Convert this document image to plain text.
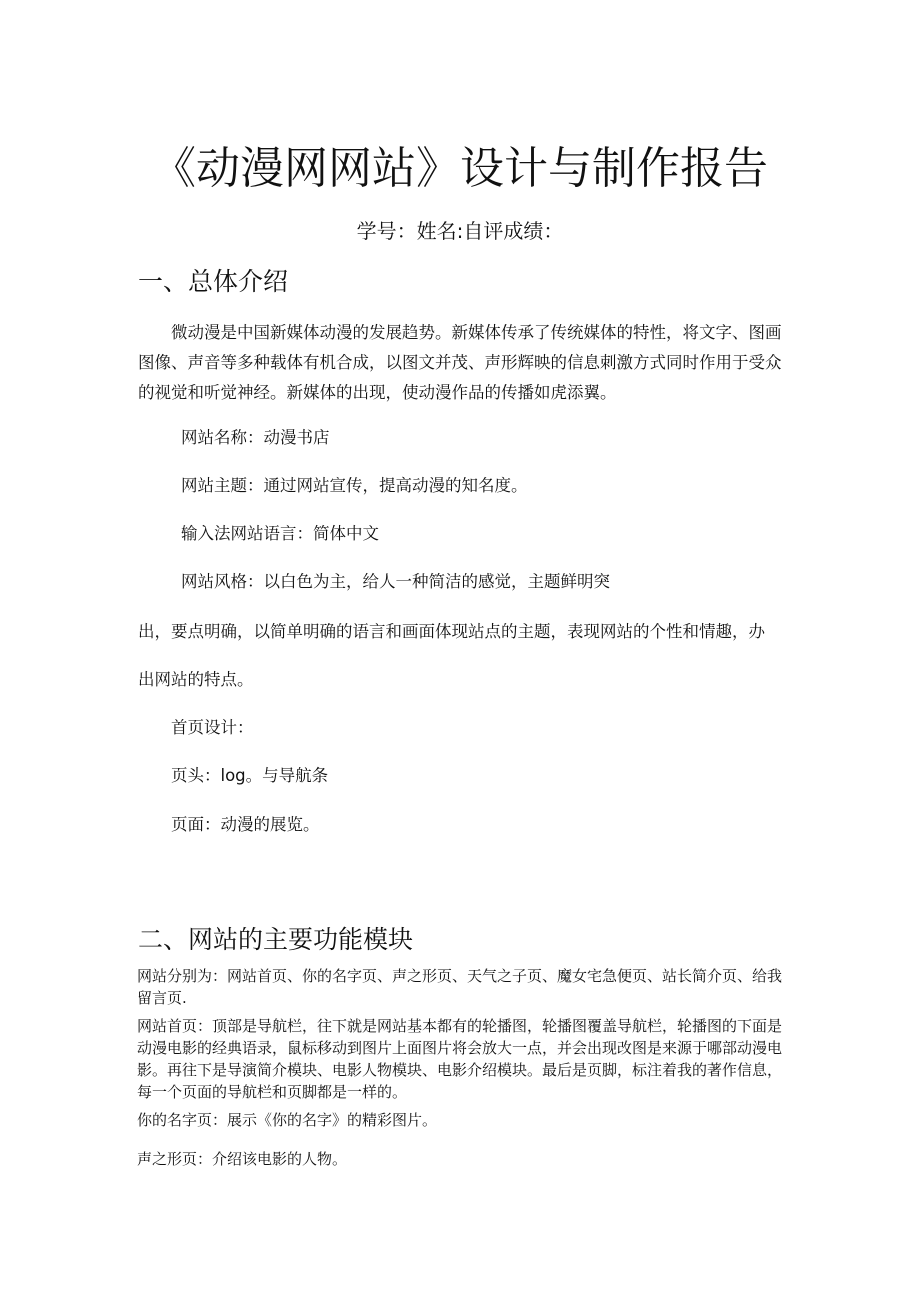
《动漫网网站》设计与制作报告
学号：姓名:自评成绩：
一、总体介绍

微动漫是中国新媒体动漫的发展趋势。新媒体传承了传统媒体的特性，将文字、图画图像、声音等多种载体有机合成，以图文并茂、声形辉映的信息刺激方式同时作用于受众的视觉和听觉神经。新媒体的出现，使动漫作品的传播如虎添翼。

网站名称：动漫书店
网站主题：通过网站宣传，提高动漫的知名度。
输入法网站语言：简体中文
网站风格：以白色为主，给人一种简洁的感觉，主题鲜明突
出，要点明确，以简单明确的语言和画面体现站点的主题，表现网站的个性和情趣，办
出网站的特点。
首页设计：
页头：log。与导航条
页面：动漫的展览。
二、网站的主要功能模块

网站分别为：网站首页、你的名字页、声之形页、天气之子页、魔女宅急便页、站长简介页、给我留言页.

网站首页：顶部是导航栏，往下就是网站基本都有的轮播图，轮播图覆盖导航栏，轮播图的下面是动漫电影的经典语录，鼠标移动到图片上面图片将会放大一点，并会出现改图是来源于哪部动漫电影。再往下是导演简介模块、电影人物模块、电影介绍模块。最后是页脚，标注着我的著作信息，每一个页面的导航栏和页脚都是一样的。

你的名字页：展示《你的名字》的精彩图片。

声之形页：介绍该电影的人物。
